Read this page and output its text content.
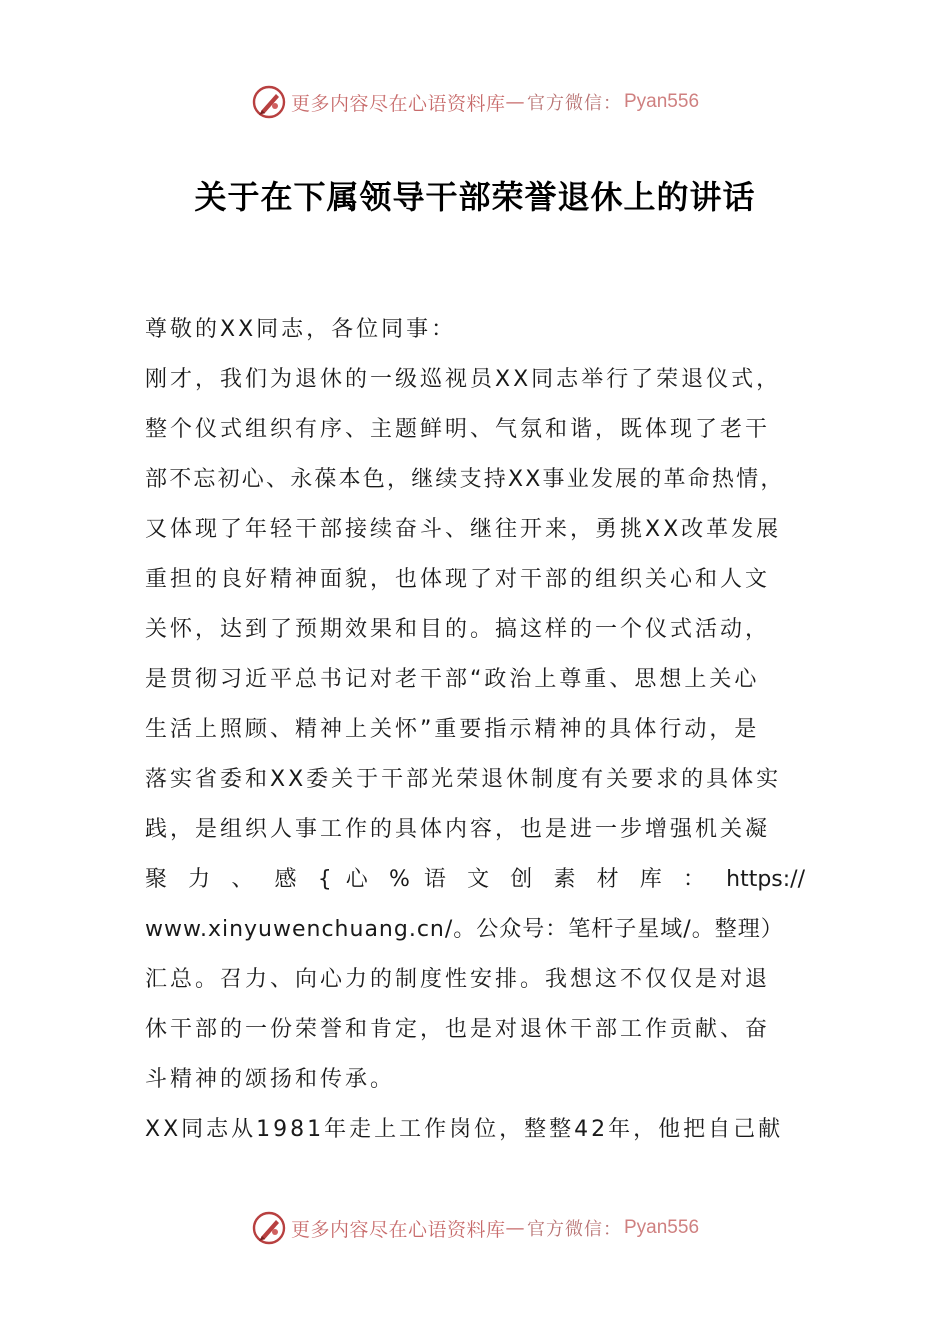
更多内容尽在心语资料库 — 官方微信： Pyan556
关于在下属领导干部荣誉退休上的讲话
尊敬的XX同志，各位同事：
刚才，我们为退休的一级巡视员XX同志举行了荣退仪式，
整个仪式组织有序、主题鲜明、气氛和谐，既体现了老干
部不忘初心、永葆本色，继续支持XX事业发展的革命热情，
又体现了年轻干部接续奋斗、继往开来，勇挑XX改革发展
重担的良好精神面貌，也体现了对干部的组织关心和人文
关怀，达到了预期效果和目的。搞这样的一个仪式活动，
是贯彻习近平总书记对老干部“政治上尊重、思想上关心
生活上照顾、精神上关怀”重要指示精神的具体行动，是
落实省委和XX委关于干部光荣退休制度有关要求的具体实
践，是组织人事工作的具体内容，也是进一步增强机关凝
聚 力 、 感 { 心 % 语 文 创 素 材 库 ： https://
www.xinyuwenchuang.cn/。公众号：笔杆子星域/。整理）
汇总。召力、向心力的制度性安排。我想这不仅仅是对退
休干部的一份荣誉和肯定，也是对退休干部工作贡献、奋
斗精神的颂扬和传承。
XX同志从1981年走上工作岗位，整整42年，他把自己献
更多内容尽在心语资料库 — 官方微信： Pyan556
